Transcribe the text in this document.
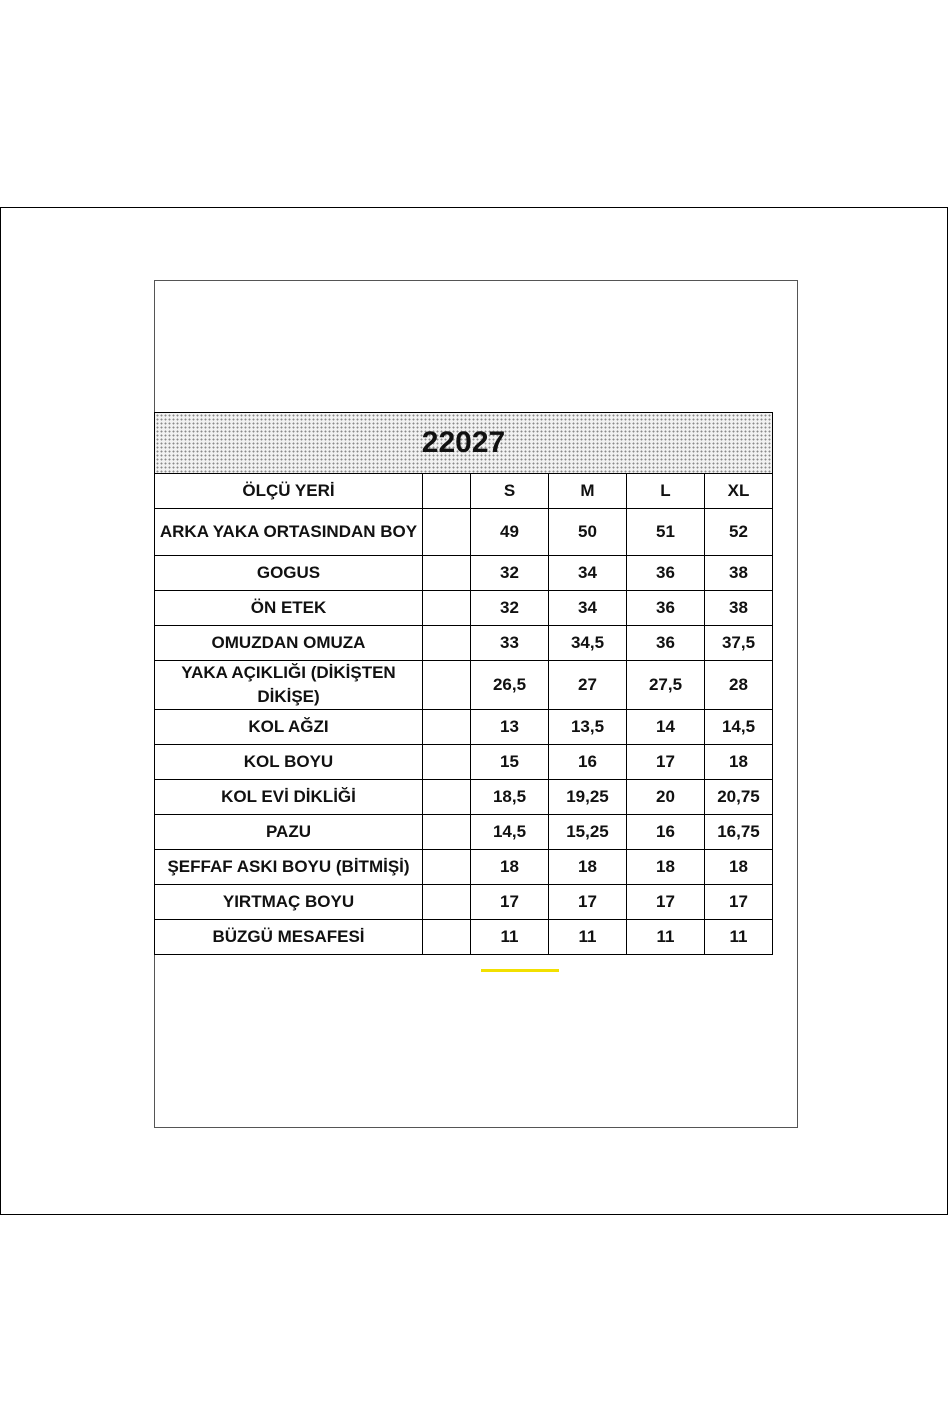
22027					
ÖLÇÜ YERİ		S	M	L	XL

ARKA YAKA ORTASINDAN BOY		49	50	51	52
GOGUS		32	34	36	38
ÖN ETEK		32	34	36	38
OMUZDAN OMUZA		33	34,5	36	37,5

YAKA AÇIKLIĞI (DİKİŞTEN DİKİŞE)		26,5	27	27,5	28
KOL AĞZI		13	13,5	14	14,5
KOL BOYU		15	16	17	18
KOL EVİ DİKLİĞİ		18,5	19,25	20	20,75
PAZU		14,5	15,25	16	16,75
ŞEFFAF ASKI BOYU (BİTMİŞİ)		18	18	18	18
YIRTMAÇ BOYU		17	17	17	17
BÜZGÜ MESAFESİ		11	11	11	11
